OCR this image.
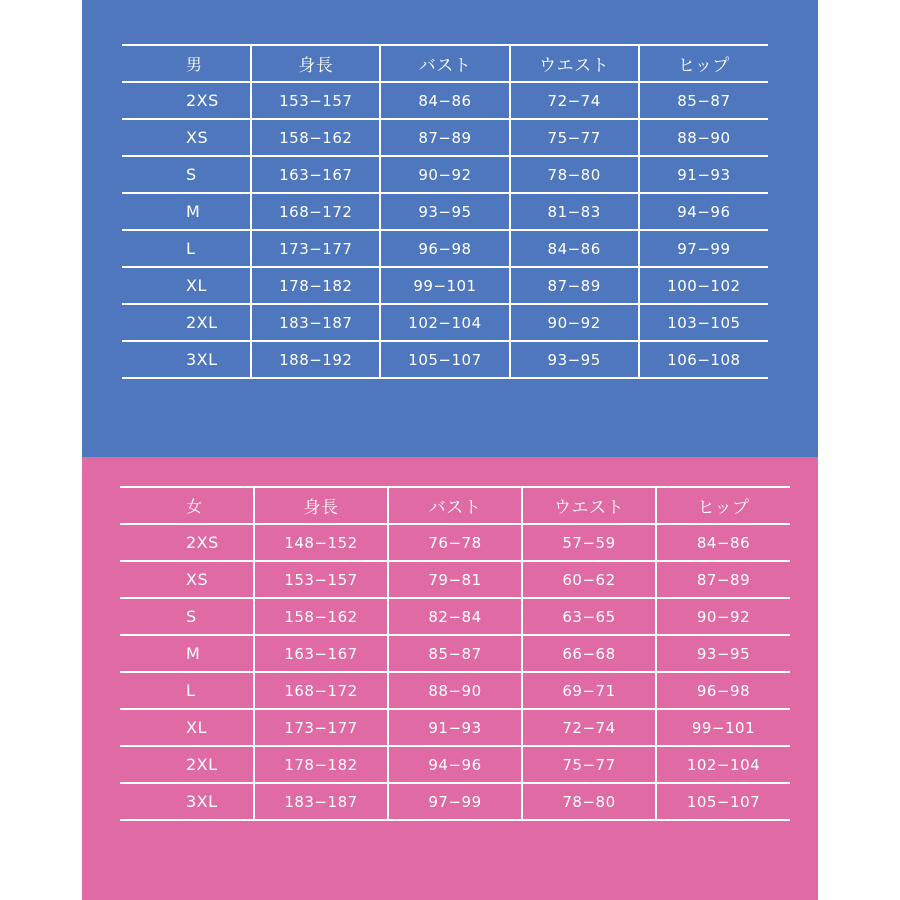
男	身長	バスト	ウエスト	ヒップ
2XS	153−157	84−86	72−74	85−87
XS	158−162	87−89	75−77	88−90
S	163−167	90−92	78−80	91−93
M	168−172	93−95	81−83	94−96
L	173−177	96−98	84−86	97−99
XL	178−182	99−101	87−89	100−102
2XL	183−187	102−104	90−92	103−105
3XL	188−192	105−107	93−95	106−108
女	身長	バスト	ウエスト	ヒップ
2XS	148−152	76−78	57−59	84−86
XS	153−157	79−81	60−62	87−89
S	158−162	82−84	63−65	90−92
M	163−167	85−87	66−68	93−95
L	168−172	88−90	69−71	96−98
XL	173−177	91−93	72−74	99−101
2XL	178−182	94−96	75−77	102−104
3XL	183−187	97−99	78−80	105−107
